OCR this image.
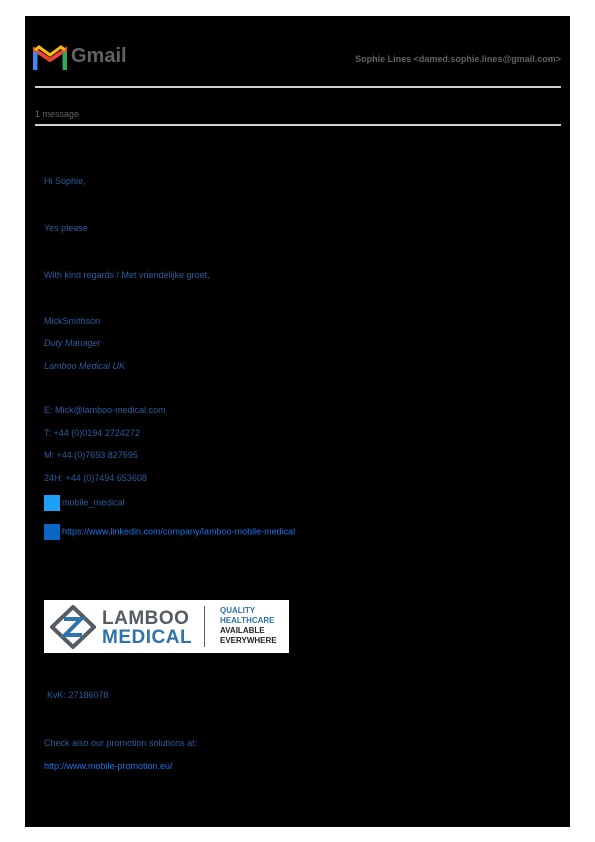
Gmail	Sophie Lines <damed.sophie.lines@gmail.com>
1 message
Hi Sophie,
Yes please
With kind regards / Met vriendelijke groet,
MickSmithson
Duty Manager
Lamboo Medical UK
E: Mick@lamboo-medical.com
T: +44 (0)0194 2724272
M: +44 (0)7693 827595
24H: +44 (0)7494 653608
mobile_medical
https://www.linkedin.com/company/lamboo-mobile-medical
LAMBOO
MEDICAL
QUALITY
HEALTHCARE
AVAILABLE
EVERYWHERE
KvK: 27186078
Check also our promotion solutions at:
http://www.mobile-promotion.eu/
